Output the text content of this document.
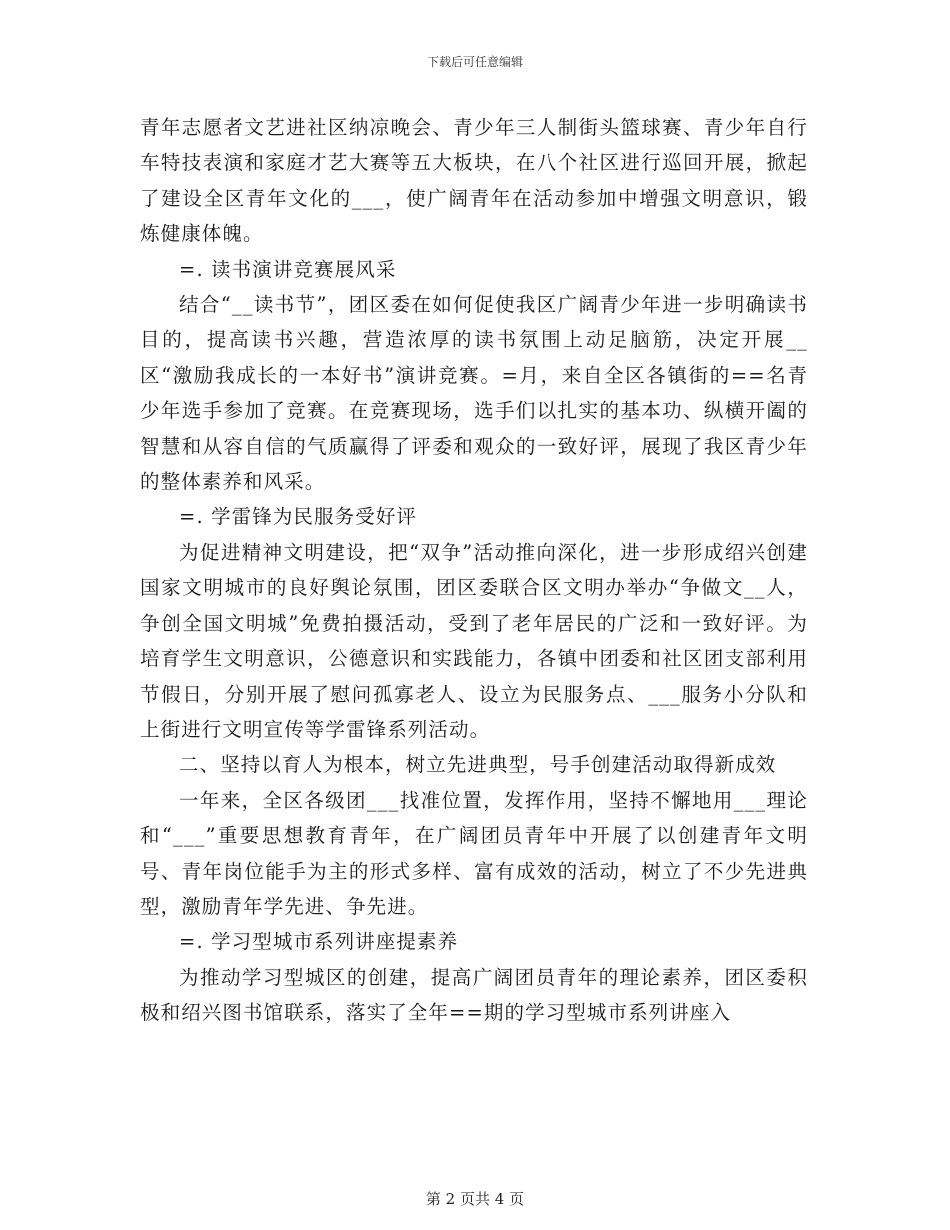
下载后可任意编辑

青年志愿者文艺进社区纳凉晚会、青少年三人制街头篮球赛、青少年自行车特技表演和家庭才艺大赛等五大板块，在八个社区进行巡回开展，掀起了建设全区青年文化的___，使广阔青年在活动参加中增强文明意识，锻炼健康体魄。

=. 读书演讲竞赛展风采

结合“__读书节”，团区委在如何促使我区广阔青少年进一步明确读书目的，提高读书兴趣，营造浓厚的读书氛围上动足脑筋，决定开展__区“激励我成长的一本好书”演讲竞赛。=月，来自全区各镇街的==名青少年选手参加了竞赛。在竞赛现场，选手们以扎实的基本功、纵横开阖的智慧和从容自信的气质赢得了评委和观众的一致好评，展现了我区青少年的整体素养和风采。

=. 学雷锋为民服务受好评

为促进精神文明建设，把“双争”活动推向深化，进一步形成绍兴创建国家文明城市的良好舆论氛围，团区委联合区文明办举办“争做文__人，争创全国文明城”免费拍摄活动，受到了老年居民的广泛和一致好评。为培育学生文明意识，公德意识和实践能力，各镇中团委和社区团支部利用节假日，分别开展了慰问孤寡老人、设立为民服务点、___服务小分队和上街进行文明宣传等学雷锋系列活动。

二、坚持以育人为根本，树立先进典型，号手创建活动取得新成效

一年来，全区各级团___找准位置，发挥作用，坚持不懈地用___理论和“___”重要思想教育青年，在广阔团员青年中开展了以创建青年文明号、青年岗位能手为主的形式多样、富有成效的活动，树立了不少先进典型，激励青年学先进、争先进。

=. 学习型城市系列讲座提素养

为推动学习型城区的创建，提高广阔团员青年的理论素养，团区委积极和绍兴图书馆联系，落实了全年==期的学习型城市系列讲座入

第 2 页共 4 页
